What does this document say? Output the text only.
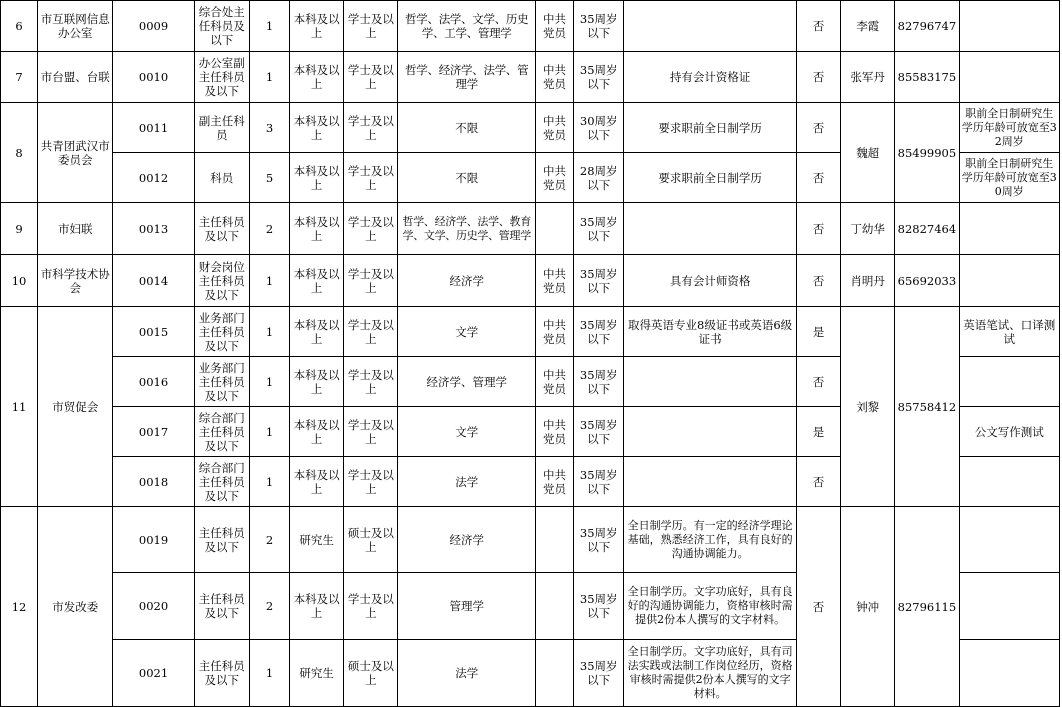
6	市互联网信息办公室	0009	综合处主任科员及以下	1	本科及以上	学士及以上	哲学、法学、文学、历史学、工学、管理学	中共党员	35周岁以下		否	李霞	82796747	
7	市台盟、台联	0010	办公室副主任科员及以下	1	本科及以上	学士及以上	哲学、经济学、法学、管理学	中共党员	35周岁以下	持有会计资格证	否	张军丹	85583175	
8	共青团武汉市委员会	0011	副主任科员	3	本科及以上	学士及以上	不限	中共党员	30周岁以下	要求职前全日制学历	否	魏超	85499905	职前全日制研究生学历年龄可放宽至32周岁
		0012	科员	5	本科及以上	学士及以上	不限	中共党员	28周岁以下	要求职前全日制学历	否			职前全日制研究生学历年龄可放宽至30周岁
9	市妇联	0013	主任科员及以下	2	本科及以上	学士及以上	哲学、经济学、法学、教育学、文学、历史学、管理学		35周岁以下		否	丁幼华	82827464	
10	市科学技术协会	0014	财会岗位主任科员及以下	1	本科及以上	学士及以上	经济学	中共党员	35周岁以下	具有会计师资格	否	肖明丹	65692033	
11	市贸促会	0015	业务部门主任科员及以下	1	本科及以上	学士及以上	文学	中共党员	35周岁以下	取得英语专业8级证书或英语6级证书	是	刘黎	85758412	英语笔试、口译测试
		0016	业务部门主任科员及以下	1	本科及以上	学士及以上	经济学、管理学	中共党员	35周岁以下		否			
		0017	综合部门主任科员及以下	1	本科及以上	学士及以上	文学	中共党员	35周岁以下		是			公文写作测试
		0018	综合部门主任科员及以下	1	本科及以上	学士及以上	法学	中共党员	35周岁以下		否			
12	市发改委	0019	主任科员及以下	2	研究生	硕士及以上	经济学		35周岁以下	全日制学历。有一定的经济学理论基础，熟悉经济工作，具有良好的沟通协调能力。	否	钟冲	82796115	
		0020	主任科员及以下	2	本科及以上	学士及以上	管理学		35周岁以下	全日制学历。文字功底好，具有良好的沟通协调能力，资格审核时需提供2份本人撰写的文字材料。				
		0021	主任科员及以下	1	研究生	硕士及以上	法学		35周岁以下	全日制学历。文字功底好，具有司法实践或法制工作岗位经历，资格审核时需提供2份本人撰写的文字材料。				
